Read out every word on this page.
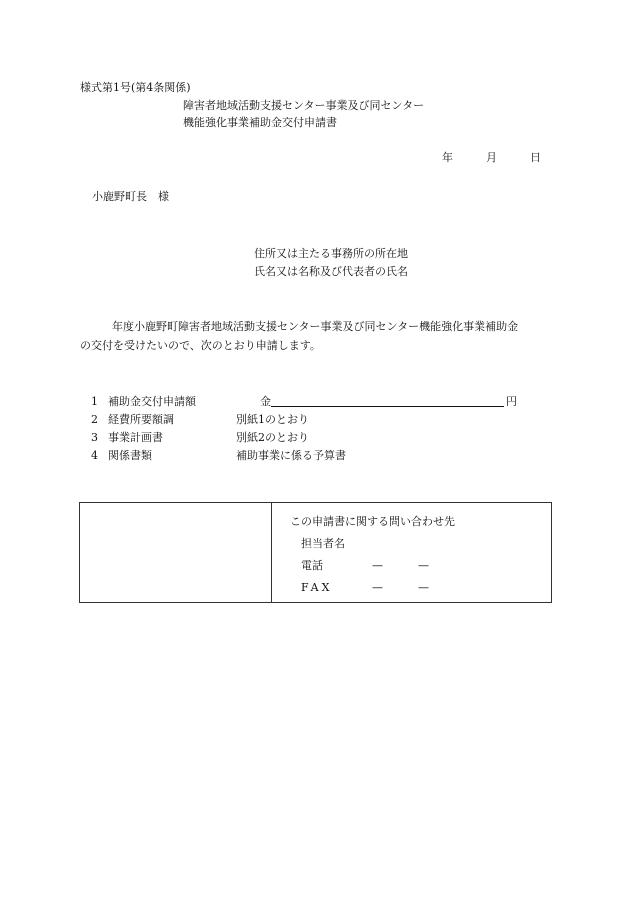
様式第1号(第4条関係)
障害者地域活動支援センター事業及び同センター
機能強化事業補助金交付申請書
年	月	日
小鹿野町長　様
住所又は主たる事務所の所在地
氏名又は名称及び代表者の氏名
年度小鹿野町障害者地域活動支援センター事業及び同センター機能強化事業補助金
の交付を受けたいので、次のとおり申請します。
1 補助金交付申請額	金	円
2 経費所要額調	別紙1のとおり
3 事業計画書	別紙2のとおり
4 関係書類	補助事業に係る予算書
この申請書に関する問い合わせ先
担当者名
電話	—	—
FAX	—	—
